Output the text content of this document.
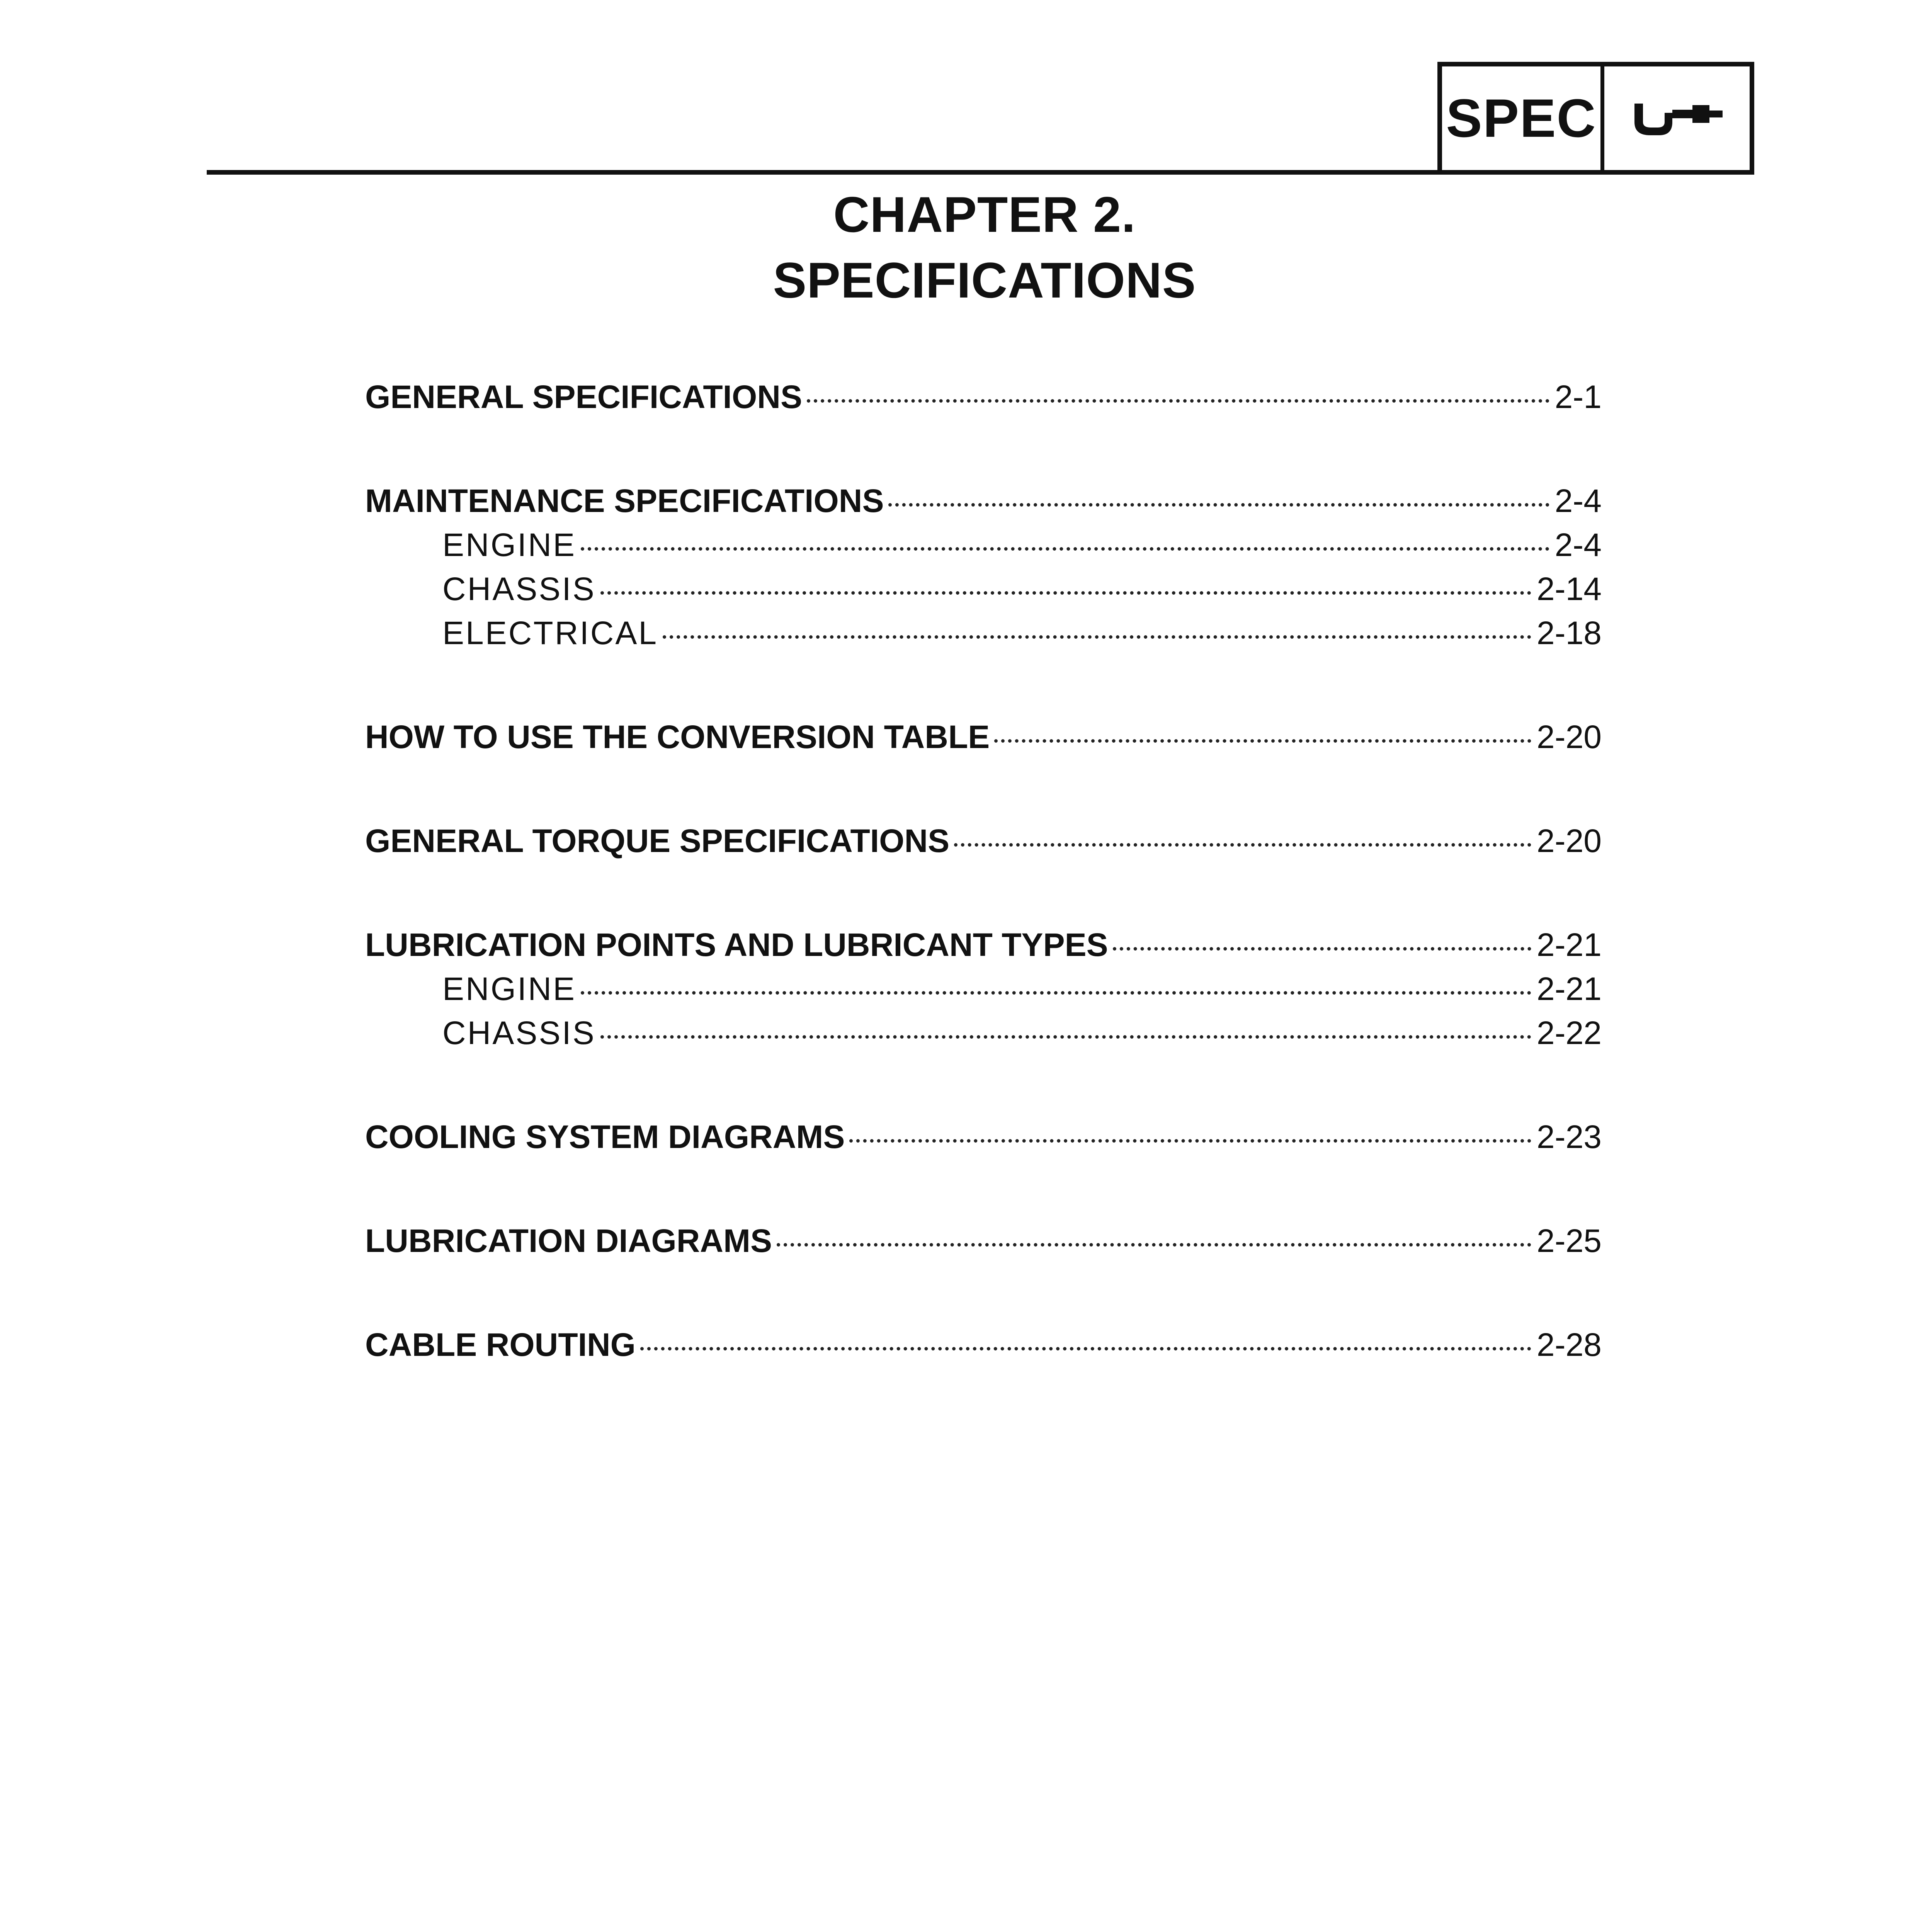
SPEC
CHAPTER 2.
SPECIFICATIONS
GENERAL SPECIFICATIONS	2-1
MAINTENANCE SPECIFICATIONS	2-4
ENGINE	2-4
CHASSIS	2-14
ELECTRICAL	2-18
HOW TO USE THE CONVERSION TABLE	2-20
GENERAL TORQUE SPECIFICATIONS	2-20
LUBRICATION POINTS AND LUBRICANT TYPES	2-21
ENGINE	2-21
CHASSIS	2-22
COOLING SYSTEM DIAGRAMS	2-23
LUBRICATION DIAGRAMS	2-25
CABLE ROUTING	2-28
